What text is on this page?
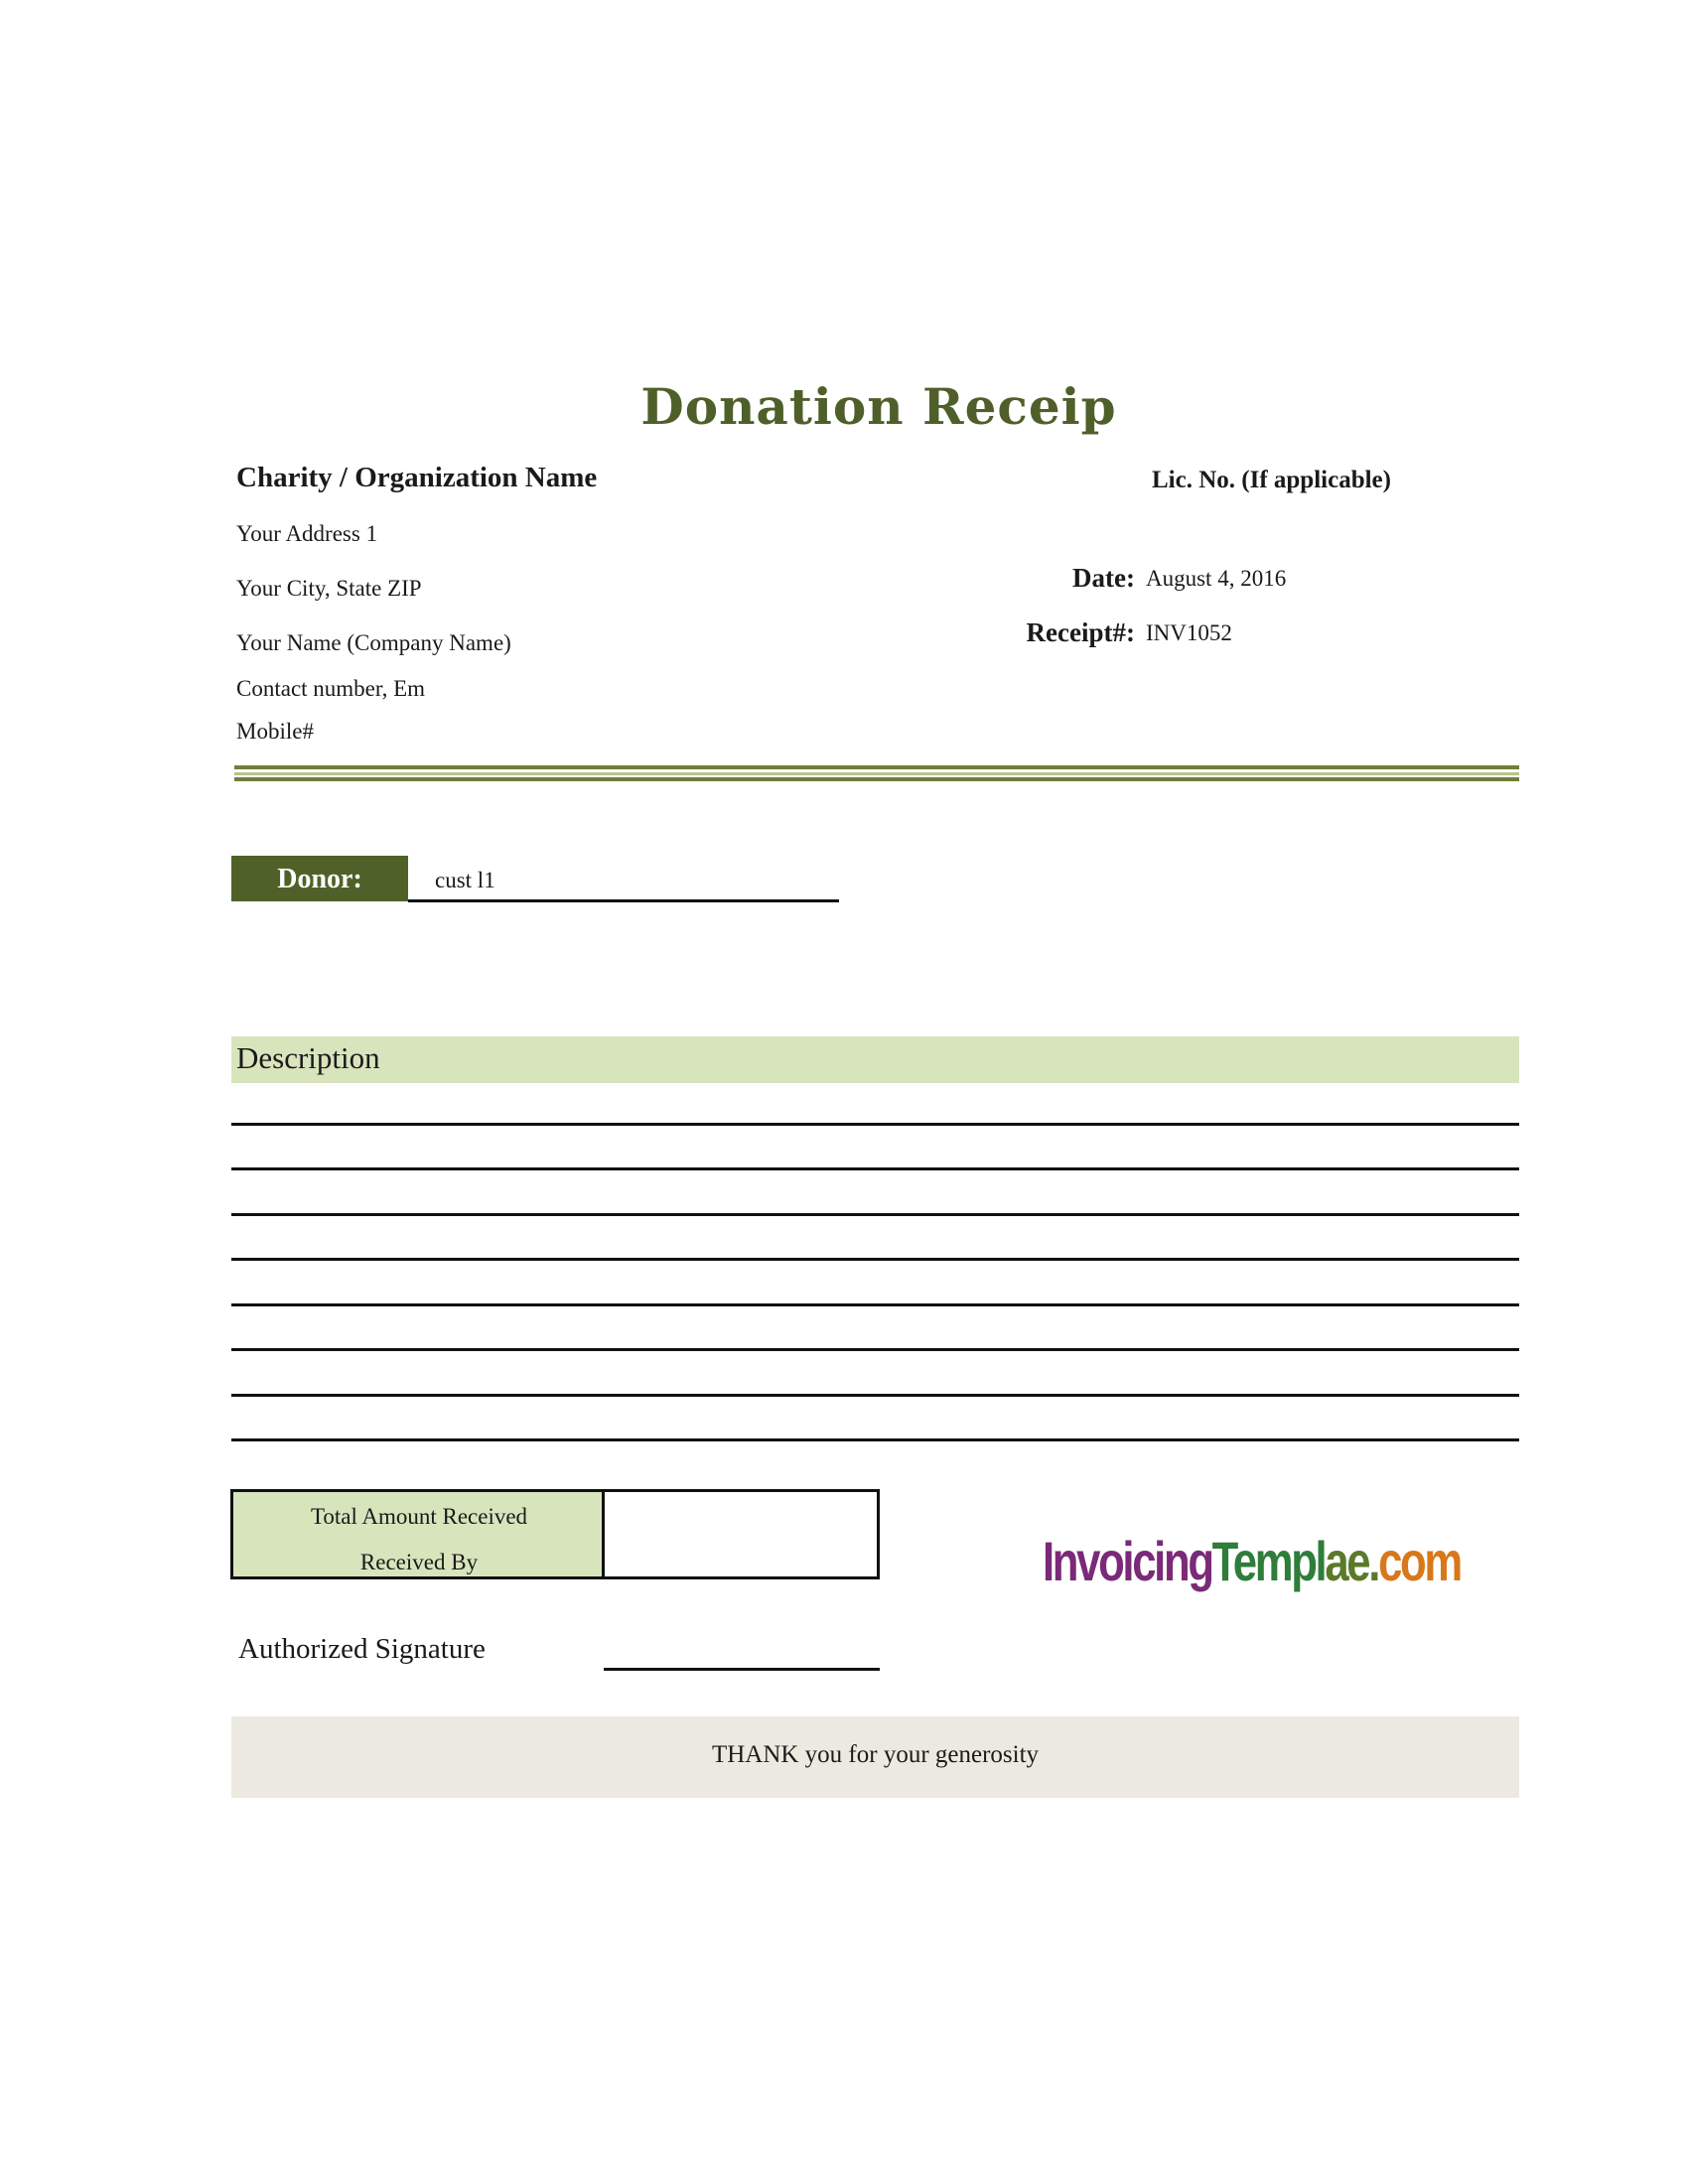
Donation Receip
Charity / Organization Name	Lic. No. (If applicable)
Your Address 1
Your City, State ZIP
Your Name (Company Name)
Contact number, Em
Mobile#
Date: August 4, 2016
Receipt#: INV1052
Donor:	cust l1
Description
Total Amount Received
Received By
Authorized Signature
InvoicingTemplae.com
THANK you for your generosity
